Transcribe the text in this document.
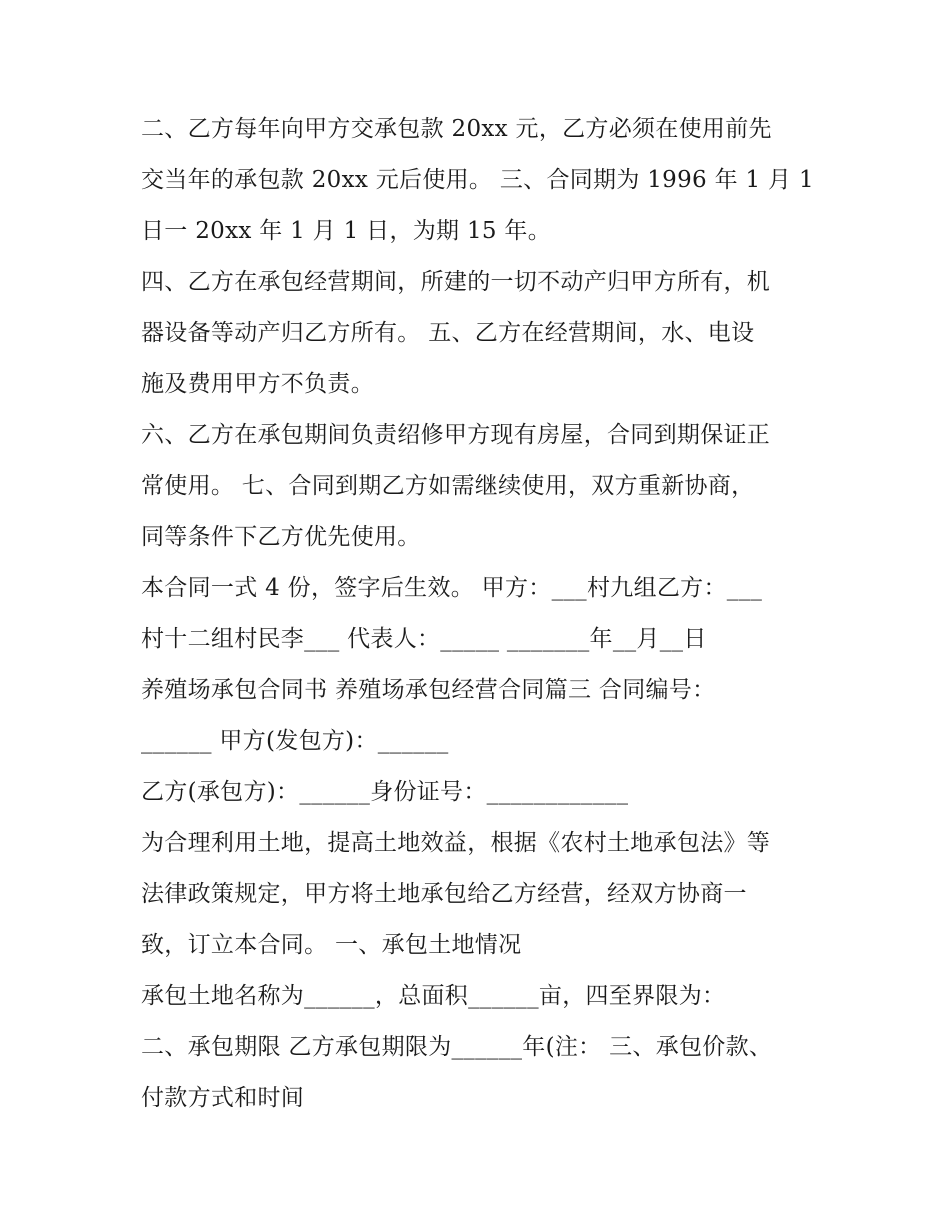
二、乙方每年向甲方交承包款 20xx 元，乙方必须在使用前先
交当年的承包款 20xx 元后使用。 三、合同期为 1996 年 1 月 1
日一 20xx 年 1 月 1 日，为期 15 年。
四、乙方在承包经营期间，所建的一切不动产归甲方所有，机
器设备等动产归乙方所有。 五、乙方在经营期间，水、电设
施及费用甲方不负责。
六、乙方在承包期间负责绍修甲方现有房屋，合同到期保证正
常使用。 七、合同到期乙方如需继续使用，双方重新协商，
同等条件下乙方优先使用。
本合同一式 4 份，签字后生效。 甲方：___村九组乙方：___
村十二组村民李___ 代表人：_____ _______年__月__日
养殖场承包合同书 养殖场承包经营合同篇三 合同编号：
______ 甲方(发包方)：______
乙方(承包方)：______身份证号：____________
为合理利用土地，提高土地效益，根据《农村土地承包法》等
法律政策规定，甲方将土地承包给乙方经营，经双方协商一
致，订立本合同。 一、承包土地情况
承包土地名称为______，总面积______亩，四至界限为：
二、承包期限 乙方承包期限为______年(注： 三、承包价款、
付款方式和时间
